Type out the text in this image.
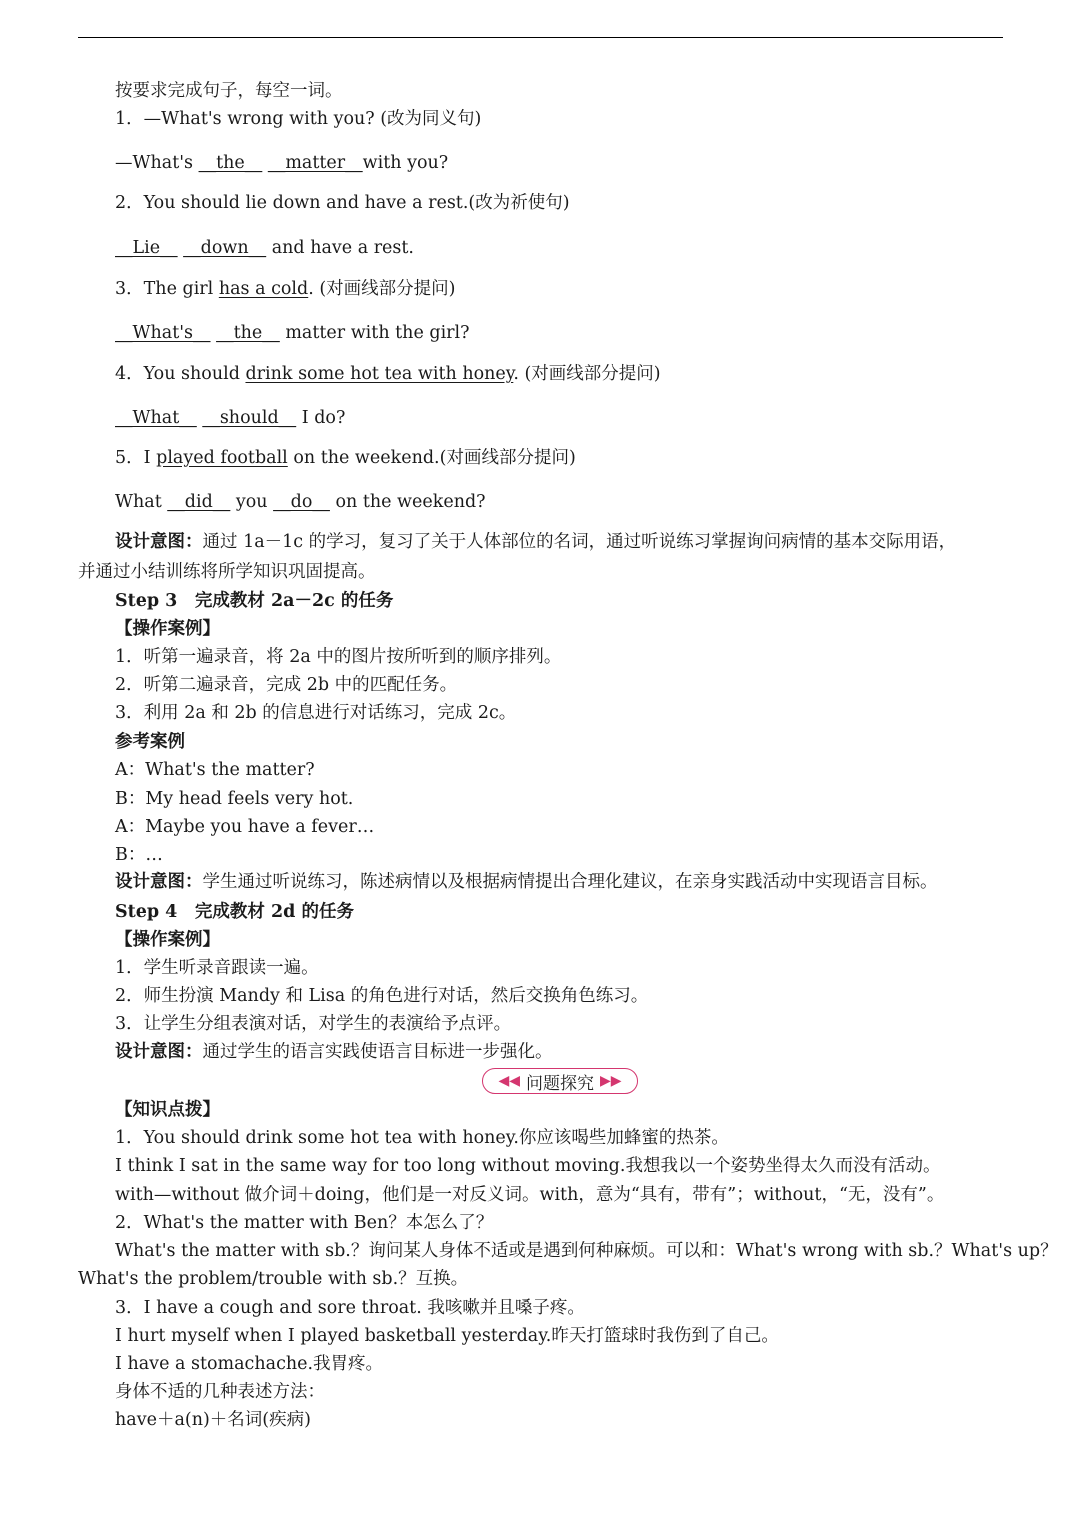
按要求完成句子，每空一词。
1．—What's wrong with you? (改为同义句)
—What's __the__ __matter__with you?
2．You should lie down and have a rest.(改为祈使句)
__Lie__ __down__ and have a rest.
3．The girl has a cold. (对画线部分提问)
__What's__ __the__ matter with the girl?
4．You should drink some hot tea with honey. (对画线部分提问)
__What__ __should__ I do?
5．I played football on the weekend.(对画线部分提问)
What __did__ you __do__ on the weekend?
设计意图：通过 1a－1c 的学习，复习了关于人体部位的名词，通过听说练习掌握询问病情的基本交际用语，
并通过小结训练将所学知识巩固提高。
Step 3　完成教材 2a－2c 的任务
【操作案例】
1．听第一遍录音，将 2a 中的图片按所听到的顺序排列。
2．听第二遍录音，完成 2b 中的匹配任务。
3．利用 2a 和 2b 的信息进行对话练习，完成 2c。
参考案例
A：What's the matter?
B：My head feels very hot.
A：Maybe you have a fever…
B：…
设计意图：学生通过听说练习，陈述病情以及根据病情提出合理化建议，在亲身实践活动中实现语言目标。
Step 4　完成教材 2d 的任务
【操作案例】
1．学生听录音跟读一遍。
2．师生扮演 Mandy 和 Lisa 的角色进行对话，然后交换角色练习。
3．让学生分组表演对话，对学生的表演给予点评。
设计意图：通过学生的语言实践使语言目标进一步强化。
◀◀ 问题探究 ▶▶
【知识点拨】
1．You should drink some hot tea with honey.你应该喝些加蜂蜜的热茶。
I think I sat in the same way for too long without moving.我想我以一个姿势坐得太久而没有活动。
with—without 做介词＋doing，他们是一对反义词。with，意为“具有，带有”；without，“无，没有”。
2．What's the matter with Ben？本怎么了？
What's the matter with sb.？询问某人身体不适或是遇到何种麻烦。可以和：What's wrong with sb.？What's up？
What's the problem/trouble with sb.？互换。
3．I have a cough and sore throat. 我咳嗽并且嗓子疼。
I hurt myself when I played basketball yesterday.昨天打篮球时我伤到了自己。
I have a stomachache.我胃疼。
身体不适的几种表述方法：
have＋a(n)＋名词(疾病)
